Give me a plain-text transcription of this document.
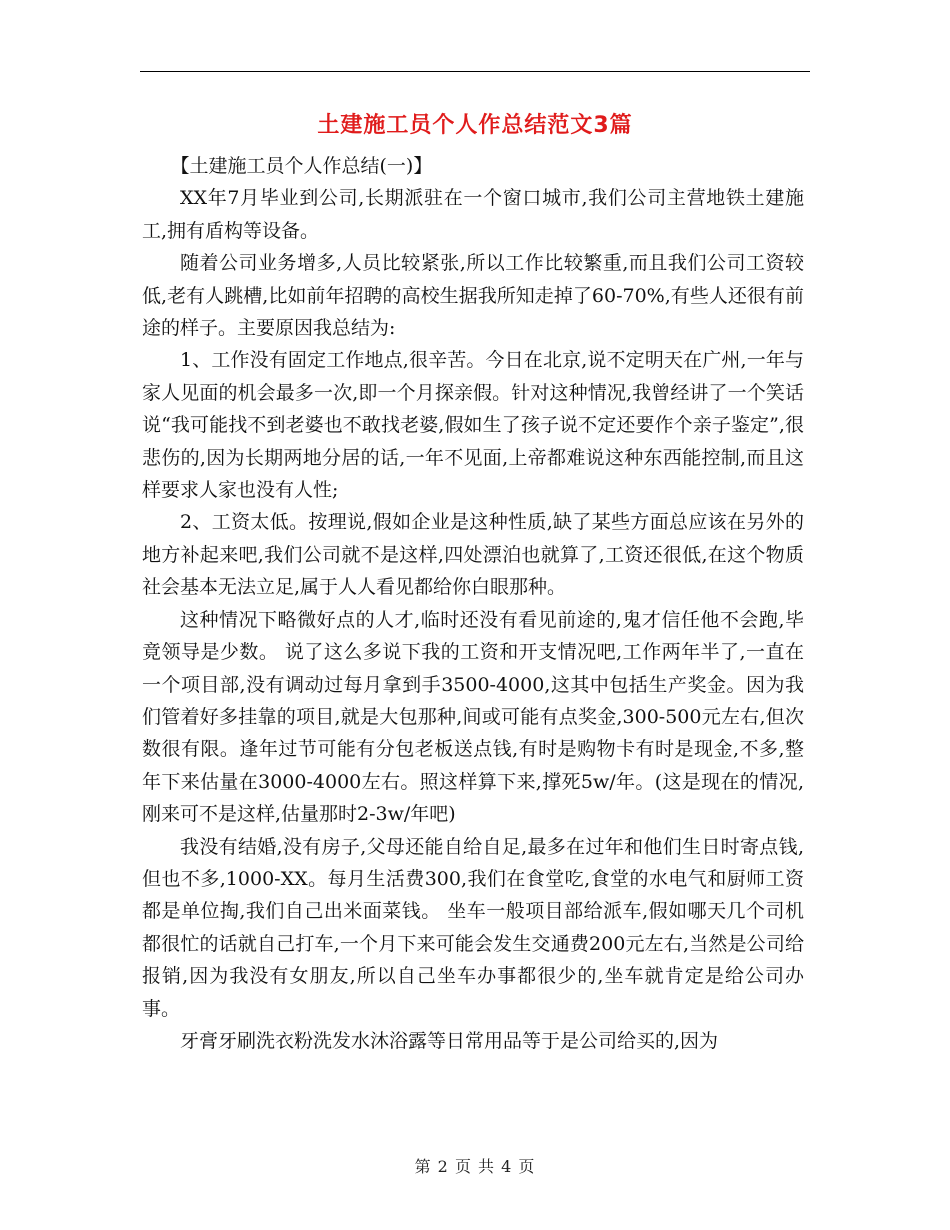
土建施工员个人作总结范文3篇

【土建施工员个人作总结(一)】

XX年7月毕业到公司,长期派驻在一个窗口城市,我们公司主营地铁土建施工,拥有盾构等设备。

随着公司业务增多,人员比较紧张,所以工作比较繁重,而且我们公司工资较低,老有人跳槽,比如前年招聘的高校生据我所知走掉了60-70%,有些人还很有前途的样子。主要原因我总结为:

1、工作没有固定工作地点,很辛苦。今日在北京,说不定明天在广州,一年与家人见面的机会最多一次,即一个月探亲假。针对这种情况,我曾经讲了一个笑话说“我可能找不到老婆也不敢找老婆,假如生了孩子说不定还要作个亲子鉴定”,很悲伤的,因为长期两地分居的话,一年不见面,上帝都难说这种东西能控制,而且这样要求人家也没有人性;

2、工资太低。按理说,假如企业是这种性质,缺了某些方面总应该在另外的地方补起来吧,我们公司就不是这样,四处漂泊也就算了,工资还很低,在这个物质社会基本无法立足,属于人人看见都给你白眼那种。

这种情况下略微好点的人才,临时还没有看见前途的,鬼才信任他不会跑,毕竟领导是少数。 说了这么多说下我的工资和开支情况吧,工作两年半了,一直在一个项目部,没有调动过每月拿到手3500-4000,这其中包括生产奖金。因为我们管着好多挂靠的项目,就是大包那种,间或可能有点奖金,300-500元左右,但次数很有限。逢年过节可能有分包老板送点钱,有时是购物卡有时是现金,不多,整年下来估量在3000-4000左右。照这样算下来,撑死5w/年。(这是现在的情况,刚来可不是这样,估量那时2-3w/年吧)

我没有结婚,没有房子,父母还能自给自足,最多在过年和他们生日时寄点钱,但也不多,1000-XX。每月生活费300,我们在食堂吃,食堂的水电气和厨师工资都是单位掏,我们自己出米面菜钱。 坐车一般项目部给派车,假如哪天几个司机都很忙的话就自己打车,一个月下来可能会发生交通费200元左右,当然是公司给报销,因为我没有女朋友,所以自己坐车办事都很少的,坐车就肯定是给公司办事。

牙膏牙刷洗衣粉洗发水沐浴露等日常用品等于是公司给买的,因为

第 2 页 共 4 页
